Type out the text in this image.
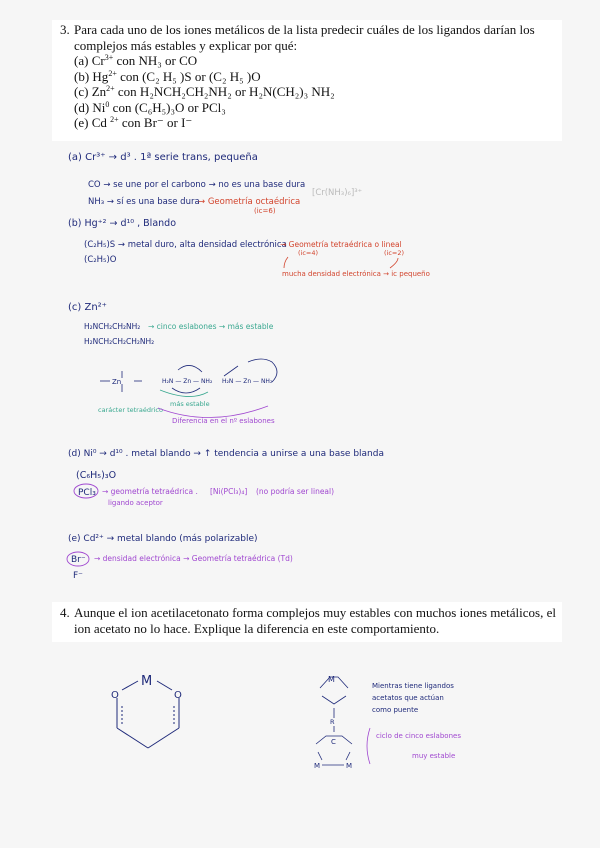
3. Para cada uno de los iones metálicos de la lista predecir cuáles de los ligandos darían los complejos más estables y explicar por qué:
(a) $Cr^{3+}$ con NH₃ or CO
(b) $Hg^{2+}$ con (C₂ H₅ )S or (C₂ H₅ )O
(c) $Zn^{2+}$ con H₂NCH₂CH₂NH₂ or H₂N(CH₂)₃ NH₂
(d) Ni$^0$ con (C₆H₅)₃O or PCl₃
(e) Cd $^{2+}$ con Br⁻ or I⁻
4. Aunque el ion acetilacetonato forma complejos muy estables con muchos iones metálicos, el ion acetato no lo hace. Explique la diferencia en este comportamiento.
(a) Cr³⁺ → d³ . 1ª serie trans, pequeña
CO → se une por el carbono → no es una base dura
NH₃ → sí es una base dura
→ Geometría octaédrica
(ic=6)
[Cr(NH₃)₆]³⁺
(b) Hg⁺² → d¹⁰ , Blando
(C₂H₅)S → metal duro, alta densidad electrónica
→ Geometría tetraédrica o lineal
(ic=4)	(ic=2)
(C₂H₅)O
mucha densidad electrónica → ic pequeño
(c) Zn²⁺
H₂NCH₂CH₂NH₂ → cinco eslabones → más estable
H₂NCH₂CH₂CH₂NH₂
Zn	H₂N — Zn — NH₂ H₂N — Zn — NH₂
más estable
carácter tetraédrico
Diferencia en el nº eslabones
(d) Ni⁰ → d¹⁰ . metal blando → ↑ tendencia a unirse a una base blanda
(C₆H₅)₃O
PCl₃ → geometría tetraédrica . [Ni(PCl₃)₄] (no podría ser lineal)
ligando aceptor
(e) Cd²⁺ → metal blando (más polarizable)
Br⁻ → densidad electrónica → Geometría tetraédrica (Td)
F⁻
M
O	O
M
R
C
M	M
Mientras tiene ligandos
acetatos que actúan
como puente
ciclo de cinco eslabones
muy estable
